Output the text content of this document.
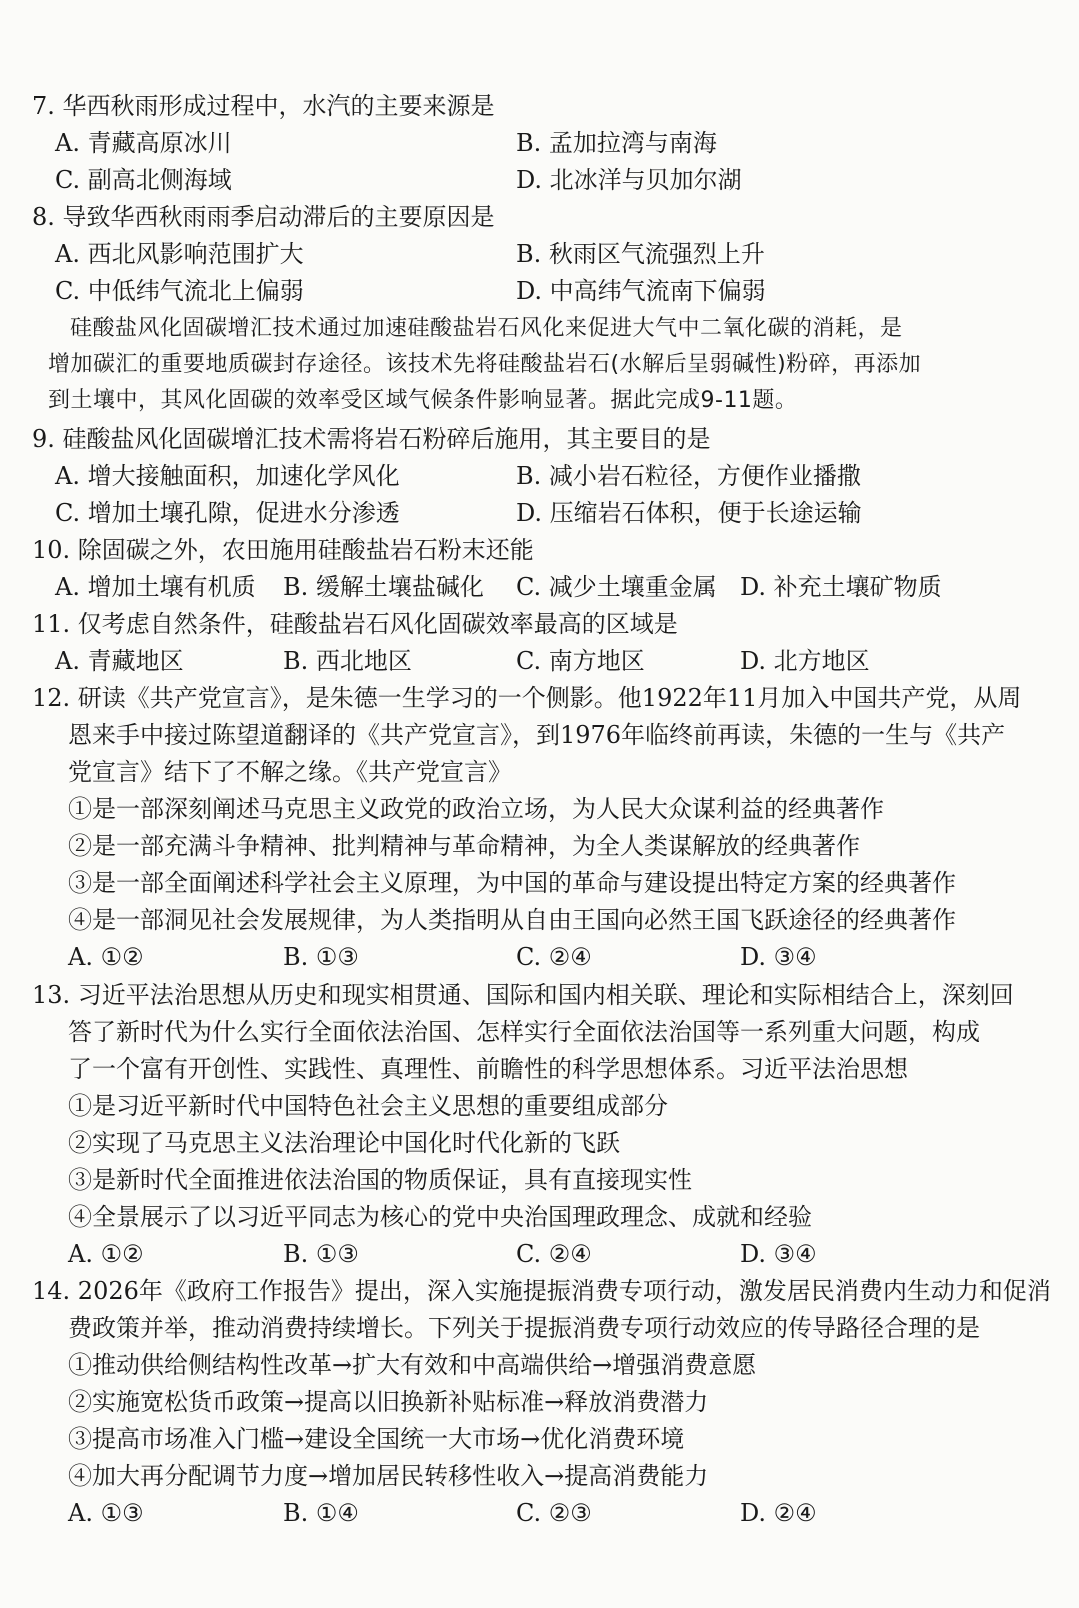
7. 华西秋雨形成过程中，水汽的主要来源是
A. 青藏高原冰川	B. 孟加拉湾与南海
C. 副高北侧海域	D. 北冰洋与贝加尔湖
8. 导致华西秋雨雨季启动滞后的主要原因是
A. 西北风影响范围扩大	B. 秋雨区气流强烈上升
C. 中低纬气流北上偏弱	D. 中高纬气流南下偏弱
硅酸盐风化固碳增汇技术通过加速硅酸盐岩石风化来促进大气中二氧化碳的消耗，是
增加碳汇的重要地质碳封存途径。该技术先将硅酸盐岩石(水解后呈弱碱性)粉碎，再添加
到土壤中，其风化固碳的效率受区域气候条件影响显著。据此完成9-11题。
9. 硅酸盐风化固碳增汇技术需将岩石粉碎后施用，其主要目的是
A. 增大接触面积，加速化学风化	B. 减小岩石粒径，方便作业播撒
C. 增加土壤孔隙，促进水分渗透	D. 压缩岩石体积，便于长途运输
10. 除固碳之外，农田施用硅酸盐岩石粉末还能
A. 增加土壤有机质 B. 缓解土壤盐碱化 C. 减少土壤重金属 D. 补充土壤矿物质
11. 仅考虑自然条件，硅酸盐岩石风化固碳效率最高的区域是
A. 青藏地区	B. 西北地区	C. 南方地区	D. 北方地区
12. 研读《共产党宣言》，是朱德一生学习的一个侧影。他1922年11月加入中国共产党，从周
恩来手中接过陈望道翻译的《共产党宣言》，到1976年临终前再读，朱德的一生与《共产
党宣言》结下了不解之缘。《共产党宣言》
①是一部深刻阐述马克思主义政党的政治立场，为人民大众谋利益的经典著作
②是一部充满斗争精神、批判精神与革命精神，为全人类谋解放的经典著作
③是一部全面阐述科学社会主义原理，为中国的革命与建设提出特定方案的经典著作
④是一部洞见社会发展规律，为人类指明从自由王国向必然王国飞跃途径的经典著作
A. ①②	B. ①③	C. ②④	D. ③④
13. 习近平法治思想从历史和现实相贯通、国际和国内相关联、理论和实际相结合上，深刻回
答了新时代为什么实行全面依法治国、怎样实行全面依法治国等一系列重大问题，构成
了一个富有开创性、实践性、真理性、前瞻性的科学思想体系。习近平法治思想
①是习近平新时代中国特色社会主义思想的重要组成部分
②实现了马克思主义法治理论中国化时代化新的飞跃
③是新时代全面推进依法治国的物质保证，具有直接现实性
④全景展示了以习近平同志为核心的党中央治国理政理念、成就和经验
A. ①②	B. ①③	C. ②④	D. ③④
14. 2026年《政府工作报告》提出，深入实施提振消费专项行动，激发居民消费内生动力和促消
费政策并举，推动消费持续增长。下列关于提振消费专项行动效应的传导路径合理的是
①推动供给侧结构性改革→扩大有效和中高端供给→增强消费意愿
②实施宽松货币政策→提高以旧换新补贴标准→释放消费潜力
③提高市场准入门槛→建设全国统一大市场→优化消费环境
④加大再分配调节力度→增加居民转移性收入→提高消费能力
A. ①③	B. ①④	C. ②③	D. ②④
